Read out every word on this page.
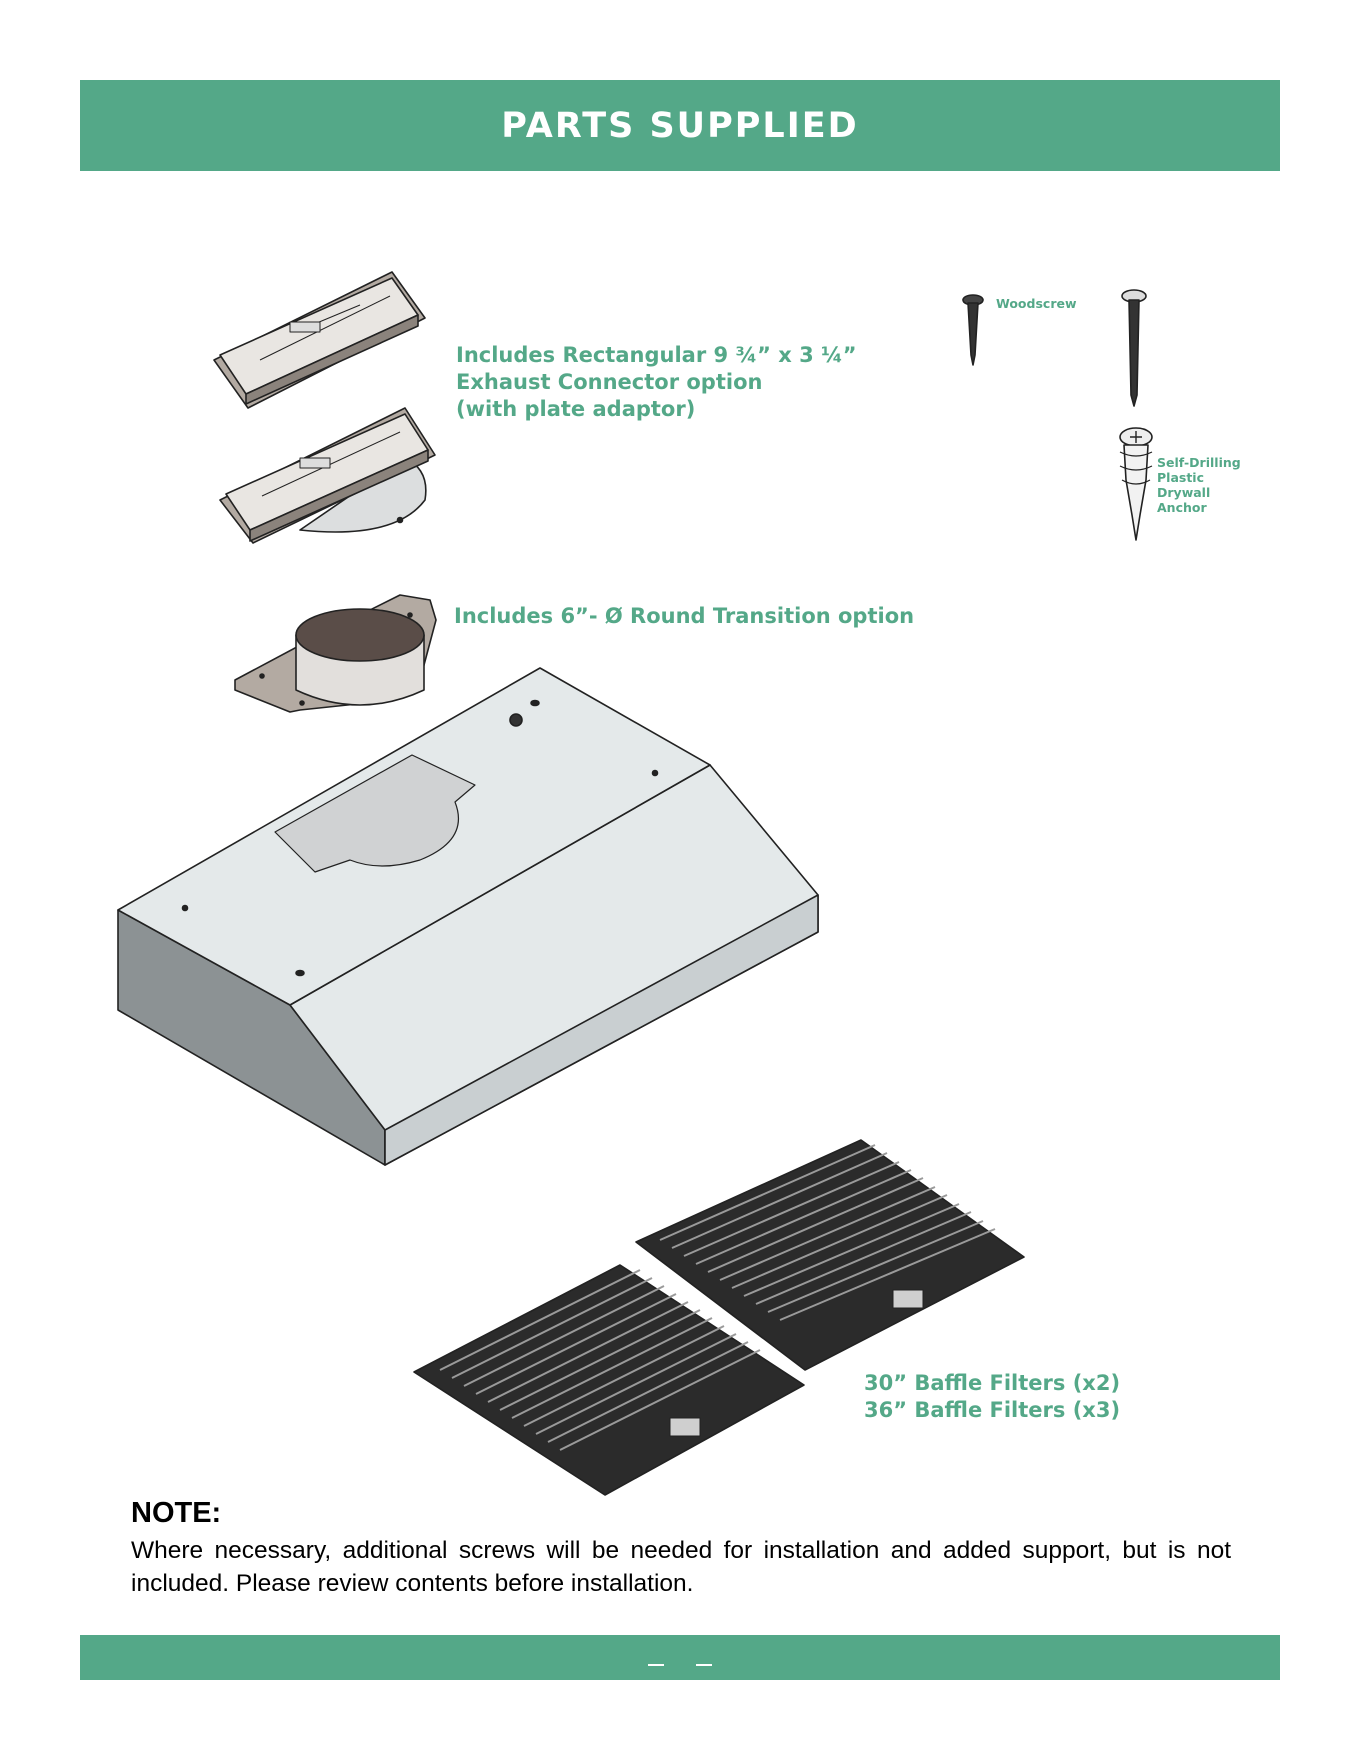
PARTS SUPPLIED
Includes Rectangular 9 ¾” x 3 ¼”
Exhaust Connector option
(with plate adaptor)
Includes 6”- Ø Round Transition option
Woodscrew
Self-Drilling
Plastic
Drywall
Anchor
30” Baffle Filters (x2)
36” Baffle Filters (x3)

NOTE:

Where necessary, additional screws will be needed for installation and added support, but is not included. Please review contents before installation.
